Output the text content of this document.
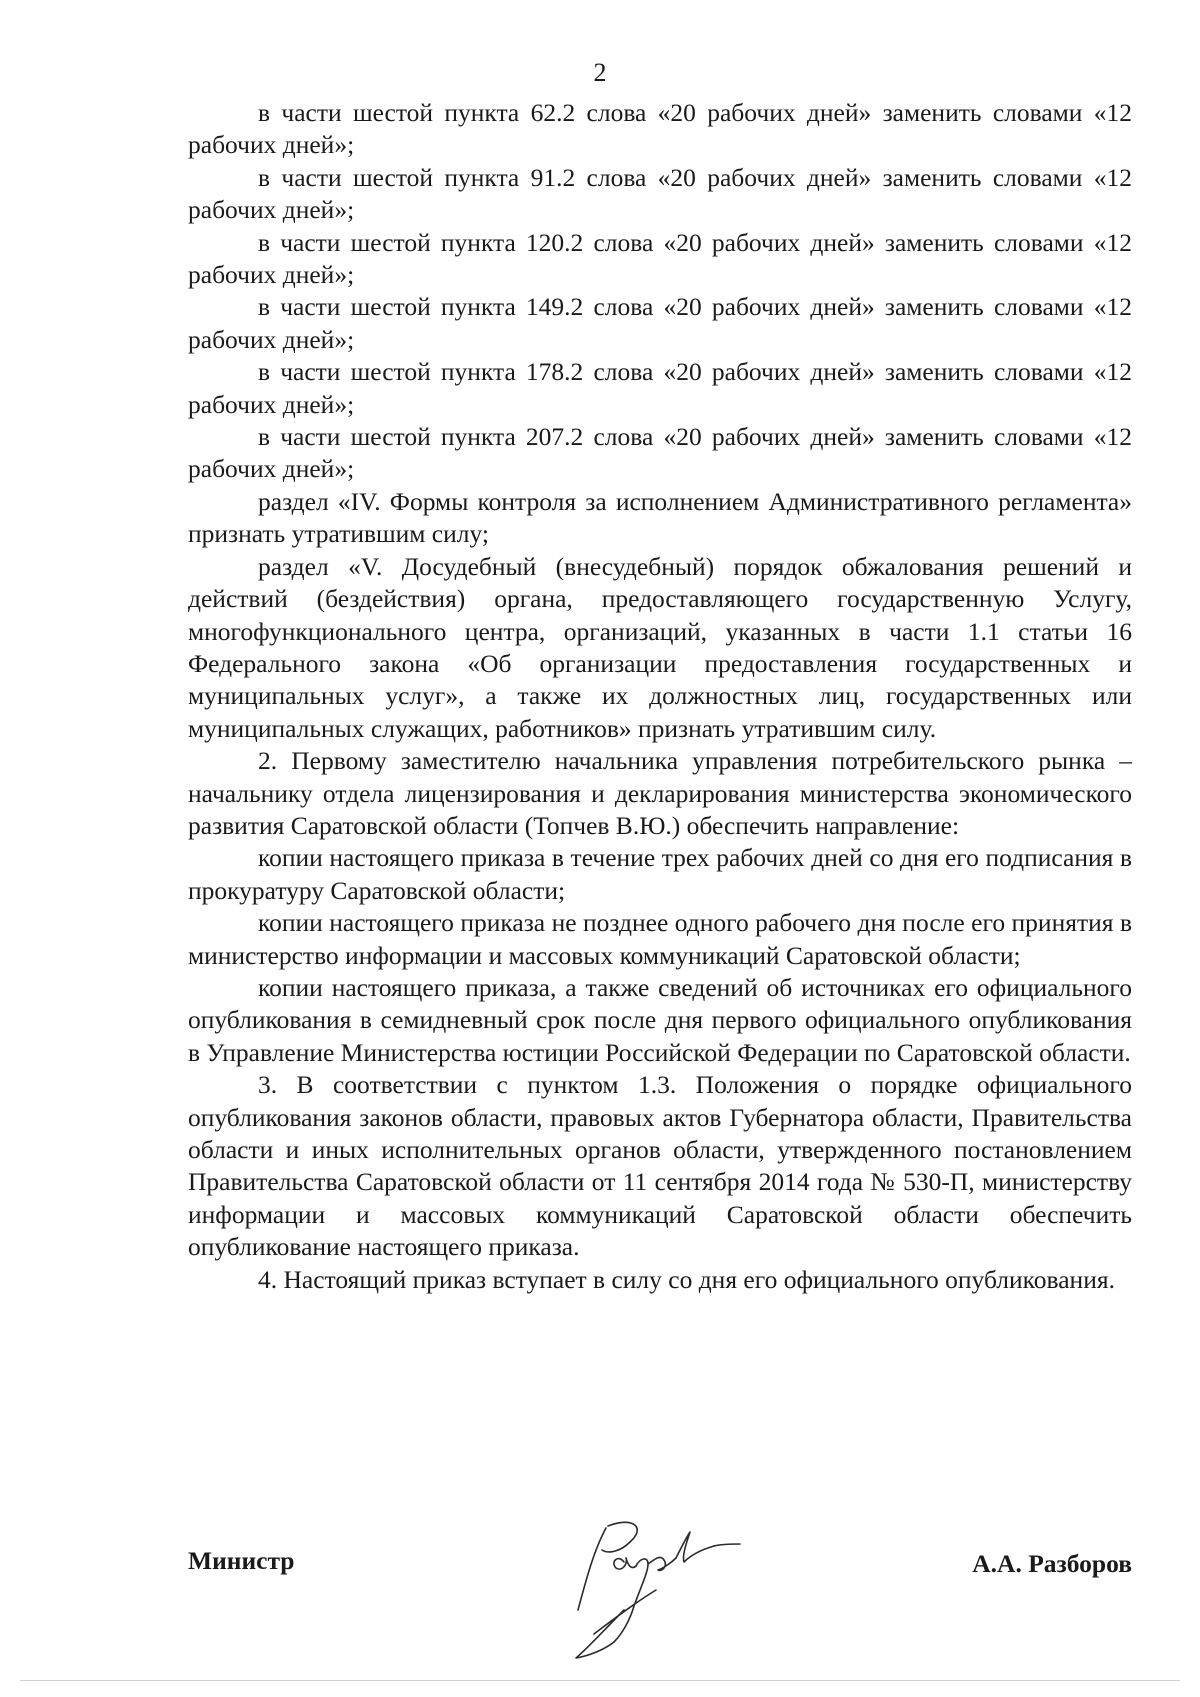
2

в части шестой пункта 62.2 слова «20 рабочих дней» заменить словами «12 рабочих дней»;

в части шестой пункта 91.2 слова «20 рабочих дней» заменить словами «12 рабочих дней»;

в части шестой пункта 120.2 слова «20 рабочих дней» заменить словами «12 рабочих дней»;

в части шестой пункта 149.2 слова «20 рабочих дней» заменить словами «12 рабочих дней»;

в части шестой пункта 178.2 слова «20 рабочих дней» заменить словами «12 рабочих дней»;

в части шестой пункта 207.2 слова «20 рабочих дней» заменить словами «12 рабочих дней»;

раздел «IV. Формы контроля за исполнением Административного регламента» признать утратившим силу;

раздел «V. Досудебный (внесудебный) порядок обжалования решений и действий (бездействия) органа, предоставляющего государственную Услугу, многофункционального центра, организаций, указанных в части 1.1 статьи 16 Федерального закона «Об организации предоставления государственных и муниципальных услуг», а также их должностных лиц, государственных или муниципальных служащих, работников» признать утратившим силу.

2. Первому заместителю начальника управления потребительского рынка – начальнику отдела лицензирования и декларирования министерства экономического развития Саратовской области (Топчев В.Ю.) обеспечить направление:

копии настоящего приказа в течение трех рабочих дней со дня его подписания в прокуратуру Саратовской области;

копии настоящего приказа не позднее одного рабочего дня после его принятия в министерство информации и массовых коммуникаций Саратовской области;

копии настоящего приказа, а также сведений об источниках его официального опубликования в семидневный срок после дня первого официального опубликования в Управление Министерства юстиции Российской Федерации по Саратовской области.

3. В соответствии с пунктом 1.3. Положения о порядке официального опубликования законов области, правовых актов Губернатора области, Правительства области и иных исполнительных органов области, утвержденного постановлением Правительства Саратовской области от 11 сентября 2014 года № 530-П, министерству информации и массовых коммуникаций Саратовской области обеспечить опубликование настоящего приказа.

4. Настоящий приказ вступает в силу со дня его официального опубликования.

Министр	А.А. Разборов
